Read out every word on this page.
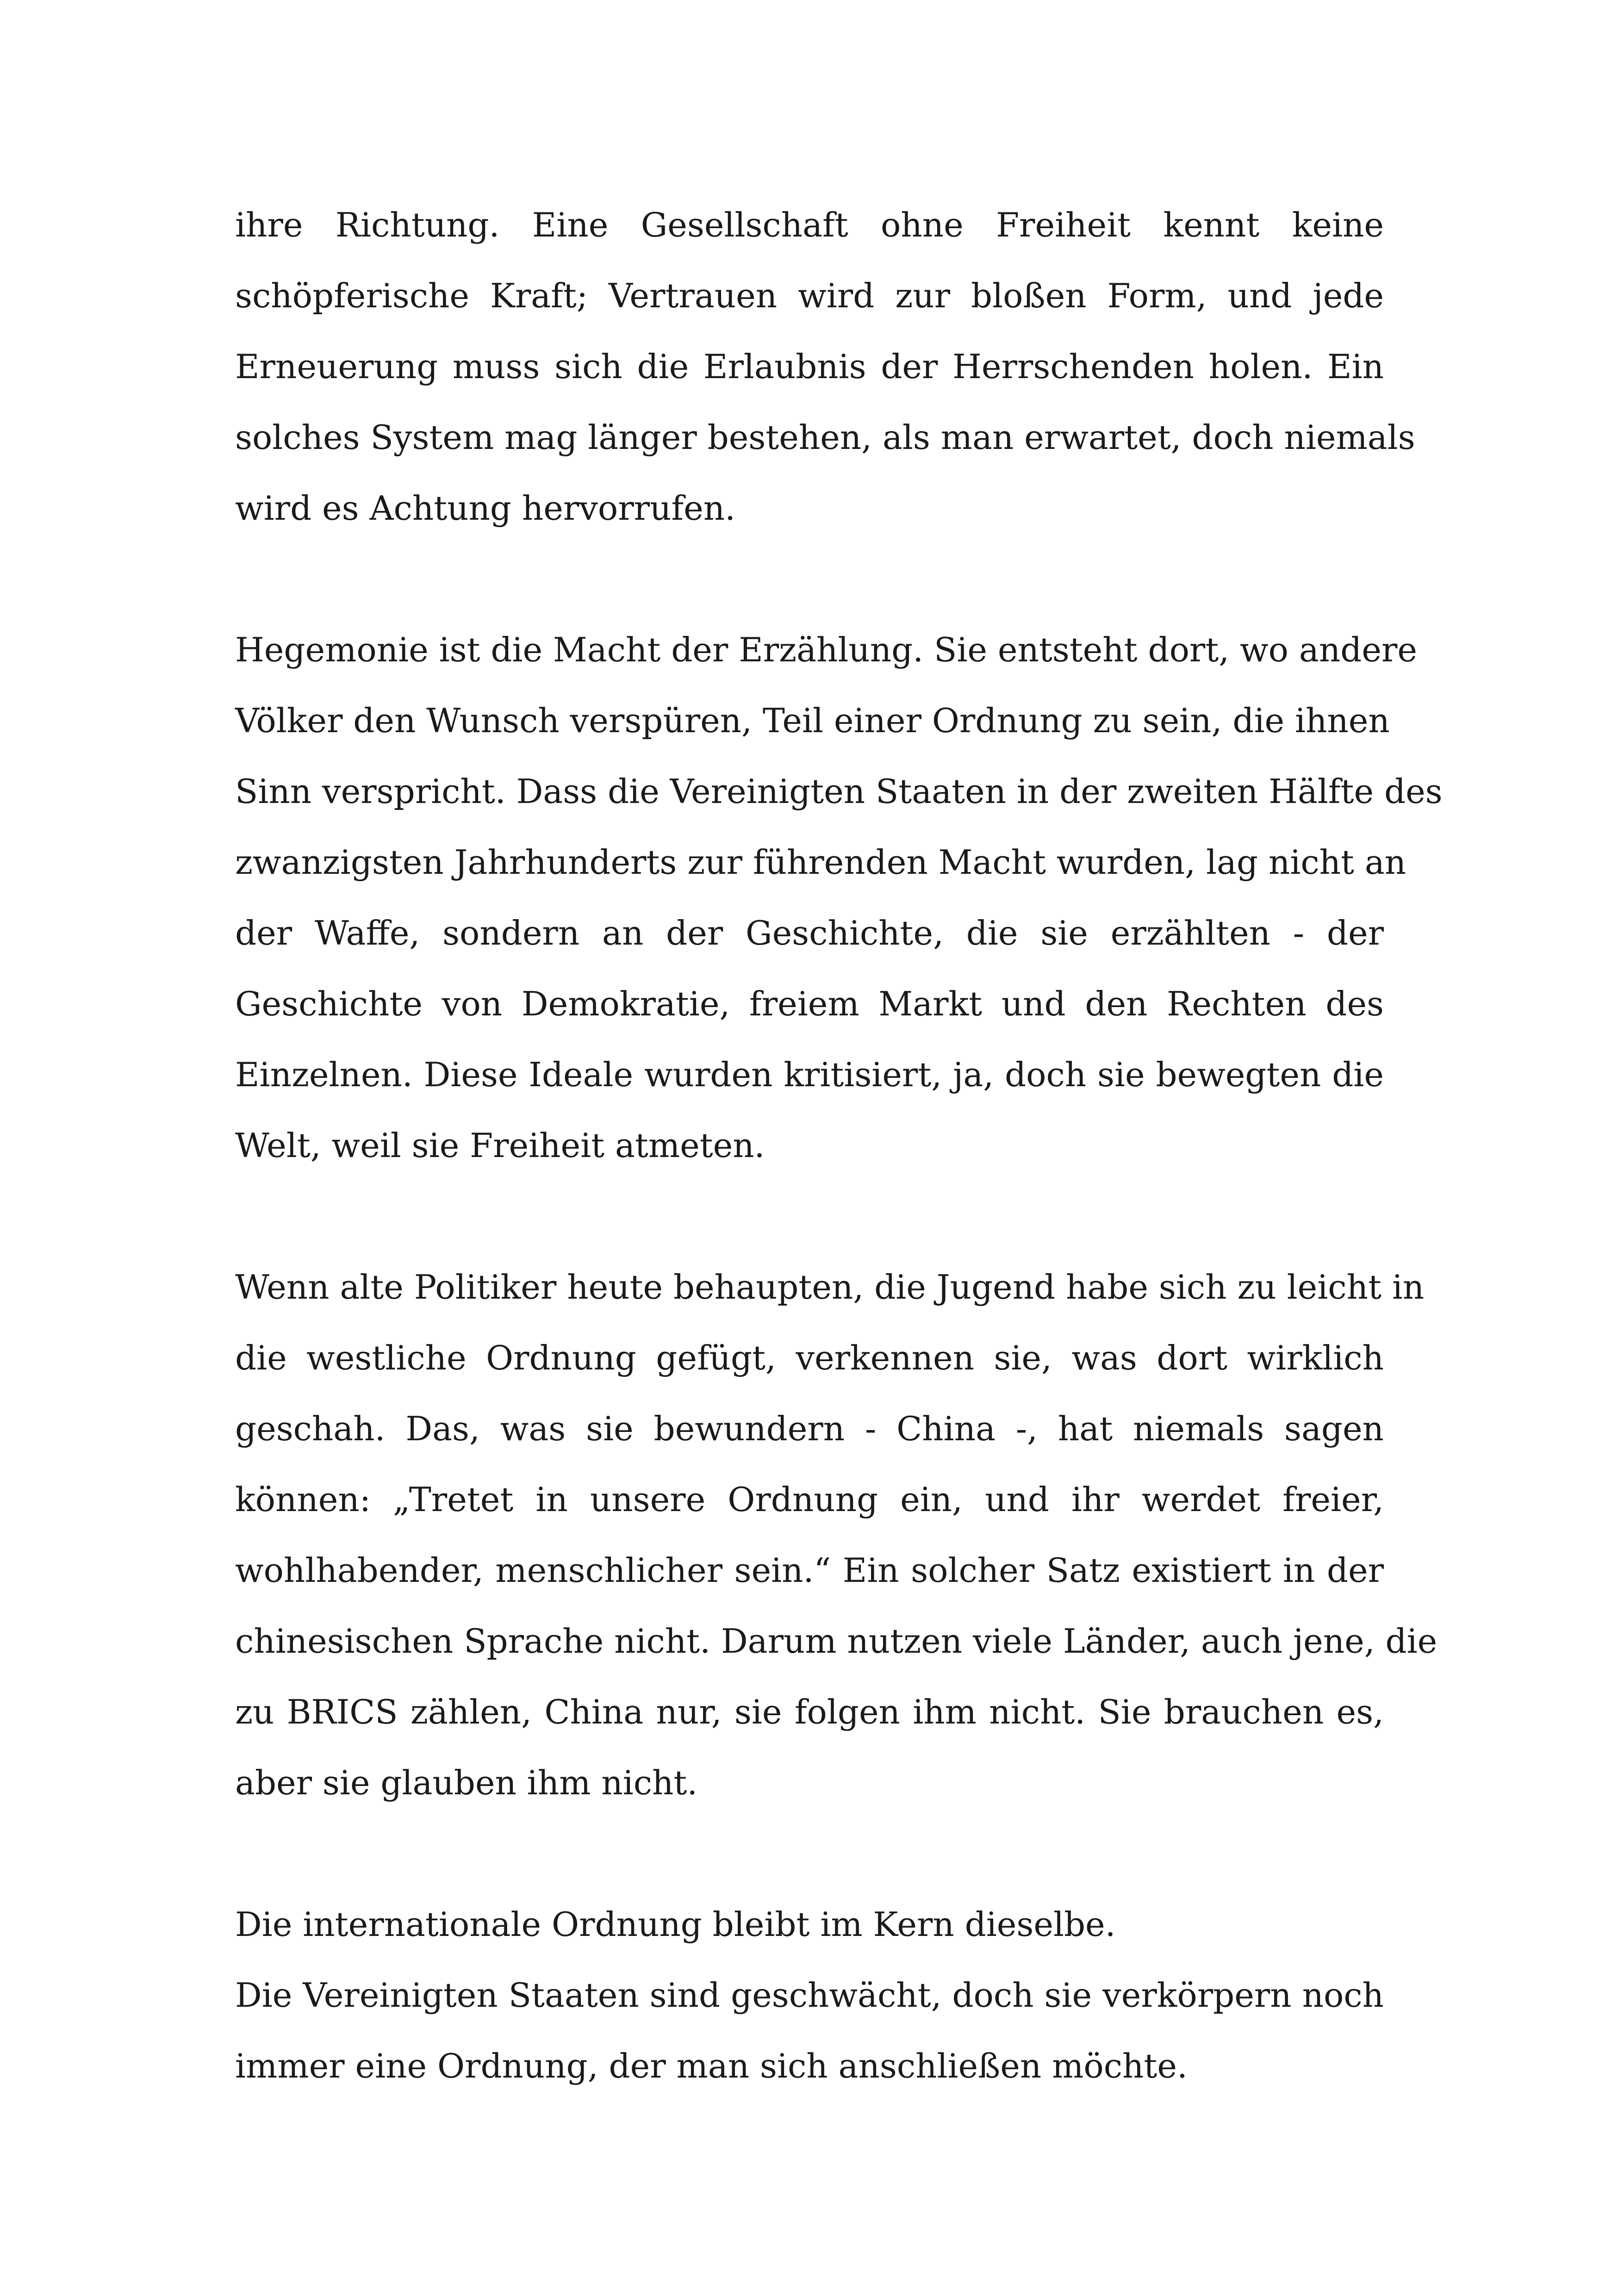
ihre Richtung. Eine Gesellschaft ohne Freiheit kennt keine
schöpferische Kraft; Vertrauen wird zur bloßen Form, und jede
Erneuerung muss sich die Erlaubnis der Herrschenden holen. Ein
solches System mag länger bestehen, als man erwartet, doch niemals
wird es Achtung hervorrufen.

Hegemonie ist die Macht der Erzählung. Sie entsteht dort, wo andere
Völker den Wunsch verspüren, Teil einer Ordnung zu sein, die ihnen
Sinn verspricht. Dass die Vereinigten Staaten in der zweiten Hälfte des
zwanzigsten Jahrhunderts zur führenden Macht wurden, lag nicht an
der Waffe, sondern an der Geschichte, die sie erzählten - der
Geschichte von Demokratie, freiem Markt und den Rechten des
Einzelnen. Diese Ideale wurden kritisiert, ja, doch sie bewegten die
Welt, weil sie Freiheit atmeten.

Wenn alte Politiker heute behaupten, die Jugend habe sich zu leicht in
die westliche Ordnung gefügt, verkennen sie, was dort wirklich
geschah. Das, was sie bewundern - China -, hat niemals sagen
können: „Tretet in unsere Ordnung ein, und ihr werdet freier,
wohlhabender, menschlicher sein.“ Ein solcher Satz existiert in der
chinesischen Sprache nicht. Darum nutzen viele Länder, auch jene, die
zu BRICS zählen, China nur, sie folgen ihm nicht. Sie brauchen es,
aber sie glauben ihm nicht.

Die internationale Ordnung bleibt im Kern dieselbe.
Die Vereinigten Staaten sind geschwächt, doch sie verkörpern noch
immer eine Ordnung, der man sich anschließen möchte.
